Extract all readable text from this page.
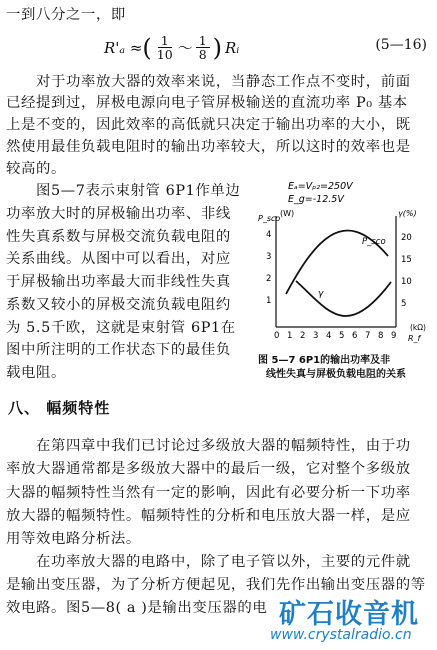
一到八分之一，即
R'ₐ ≈ ( $\frac{1}{10}$ ～ $\frac{1}{8}$ ) Rᵢ	(5—16)
对于功率放大器的效率来说，当静态工作点不变时，前面
已经提到过，屏极电源向电子管屏极输送的直流功率 P₀ 基本
上是不变的，因此效率的高低就只决定于输出功率的大小，既
然使用最佳负载电阻时的输出功率较大，所以这时的效率也是
较高的。
图5—7表示束射管 6P1作单边
功率放大时的屏极输出功率、非线
性失真系数与屏极交流负载电阻的
关系曲线。从图中可以看出，对应
于屏极输出功率最大而非线性失真
系数又较小的屏极交流负载电阻约
为 5.5千欧，这就是束射管 6P1在
图中所注明的工作状态下的最佳负
载电阻。
Eₐ=Vₚ₂=250V
E_g=-12.5V
P_sco
(W)	γ(%)
4
3
2
1
20
15
10
5
0 1 2 3 4 5 6 7 8 9 R_f
(kΩ)
P_sco
γ
图 5—7 6P1的输出功率及非
线性失真与屏极负载电阻的关系
八、 幅频特性
在第四章中我们已讨论过多级放大器的幅频特性，由于功
率放大器通常都是多级放大器中的最后一级，它对整个多级放
大器的幅频特性当然有一定的影响，因此有必要分析一下功率
放大器的幅频特性。幅频特性的分析和电压放大器一样，是应
用等效电路分析法。
在功率放大器的电路中，除了电子管以外，主要的元件就
是输出变压器，为了分析方便起见，我们先作出输出变压器的等
效电路。图5—8( a )是输出变压器的电 矿石收音机
www.crystalradio.cn
